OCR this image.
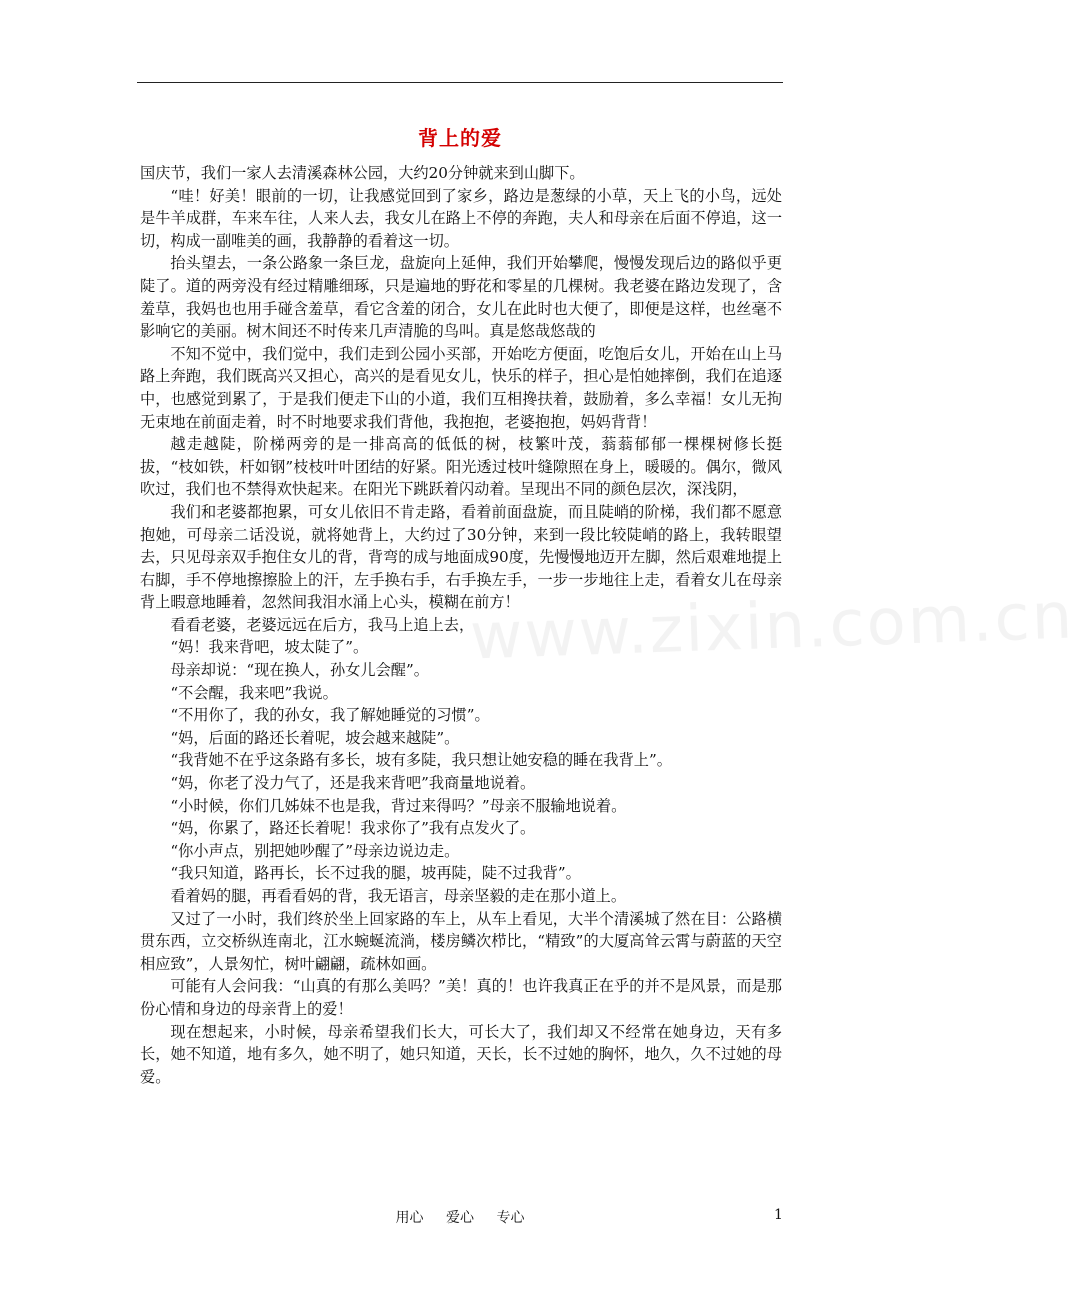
www.zixin.com.cn
背上的爱

国庆节，我们一家人去清溪森林公园，大约20分钟就来到山脚下。

“哇！好美！眼前的一切，让我感觉回到了家乡，路边是葱绿的小草，天上飞的小鸟，远处是牛羊成群，车来车往，人来人去，我女儿在路上不停的奔跑，夫人和母亲在后面不停追，这一切，构成一副唯美的画，我静静的看着这一切。

抬头望去，一条公路象一条巨龙，盘旋向上延伸，我们开始攀爬，慢慢发现后边的路似乎更陡了。道的两旁没有经过精雕细琢，只是遍地的野花和零星的几棵树。我老婆在路边发现了，含羞草，我妈也也用手碰含羞草，看它含羞的闭合，女儿在此时也大便了，即便是这样，也丝毫不影响它的美丽。树木间还不时传来几声清脆的鸟叫。真是悠哉悠哉的

不知不觉中，我们觉中，我们走到公园小买部，开始吃方便面，吃饱后女儿，开始在山上马路上奔跑，我们既高兴又担心，高兴的是看见女儿，快乐的样子，担心是怕她摔倒，我们在追逐中，也感觉到累了，于是我们便走下山的小道，我们互相搀扶着，鼓励着，多么幸福！女儿无拘无束地在前面走着，时不时地要求我们背他，我抱抱，老婆抱抱，妈妈背背！

越走越陡，阶梯两旁的是一排高高的低低的树，枝繁叶茂，蓊蓊郁郁一棵棵树修长挺拔，“枝如铁，杆如钢”枝枝叶叶团结的好紧。阳光透过枝叶缝隙照在身上，暖暖的。偶尔，微风吹过，我们也不禁得欢快起来。在阳光下跳跃着闪动着。呈现出不同的颜色层次，深浅阴，

我们和老婆都抱累，可女儿依旧不肯走路，看着前面盘旋，而且陡峭的阶梯，我们都不愿意抱她，可母亲二话没说，就将她背上，大约过了30分钟，来到一段比较陡峭的路上，我转眼望去，只见母亲双手抱住女儿的背，背弯的成与地面成90度，先慢慢地迈开左脚，然后艰难地提上右脚，手不停地擦擦脸上的汗，左手换右手，右手换左手，一步一步地往上走，看着女儿在母亲背上暇意地睡着，忽然间我泪水涌上心头，模糊在前方！

看看老婆，老婆远远在后方，我马上追上去，

“妈！我来背吧，坡太陡了”。

母亲却说：“现在换人，孙女儿会醒”。

“不会醒，我来吧”我说。

“不用你了，我的孙女，我了解她睡觉的习惯”。

“妈，后面的路还长着呢，坡会越来越陡”。

“我背她不在乎这条路有多长，坡有多陡，我只想让她安稳的睡在我背上”。

“妈，你老了没力气了，还是我来背吧”我商量地说着。

“小时候，你们几姊妹不也是我，背过来得吗？”母亲不服输地说着。

“妈，你累了，路还长着呢！我求你了”我有点发火了。

“你小声点，别把她吵醒了”母亲边说边走。

“我只知道，路再长，长不过我的腿，坡再陡，陡不过我背”。

看着妈的腿，再看看妈的背，我无语言，母亲坚毅的走在那小道上。

又过了一小时，我们终於坐上回家路的车上，从车上看见，大半个清溪城了然在目：公路横贯东西，立交桥纵连南北，江水蜿蜒流淌，楼房鳞次栉比，“精致”的大厦高耸云霄与蔚蓝的天空相应致”，人景匆忙，树叶翩翩，疏林如画。

可能有人会问我：“山真的有那么美吗？”美！真的！也许我真正在乎的并不是风景，而是那份心情和身边的母亲背上的爱！

现在想起来，小时候，母亲希望我们长大，可长大了，我们却又不经常在她身边，天有多长，她不知道，地有多久，她不明了，她只知道，天长，长不过她的胸怀，地久，久不过她的母爱。

用心 爱心 专心	1
